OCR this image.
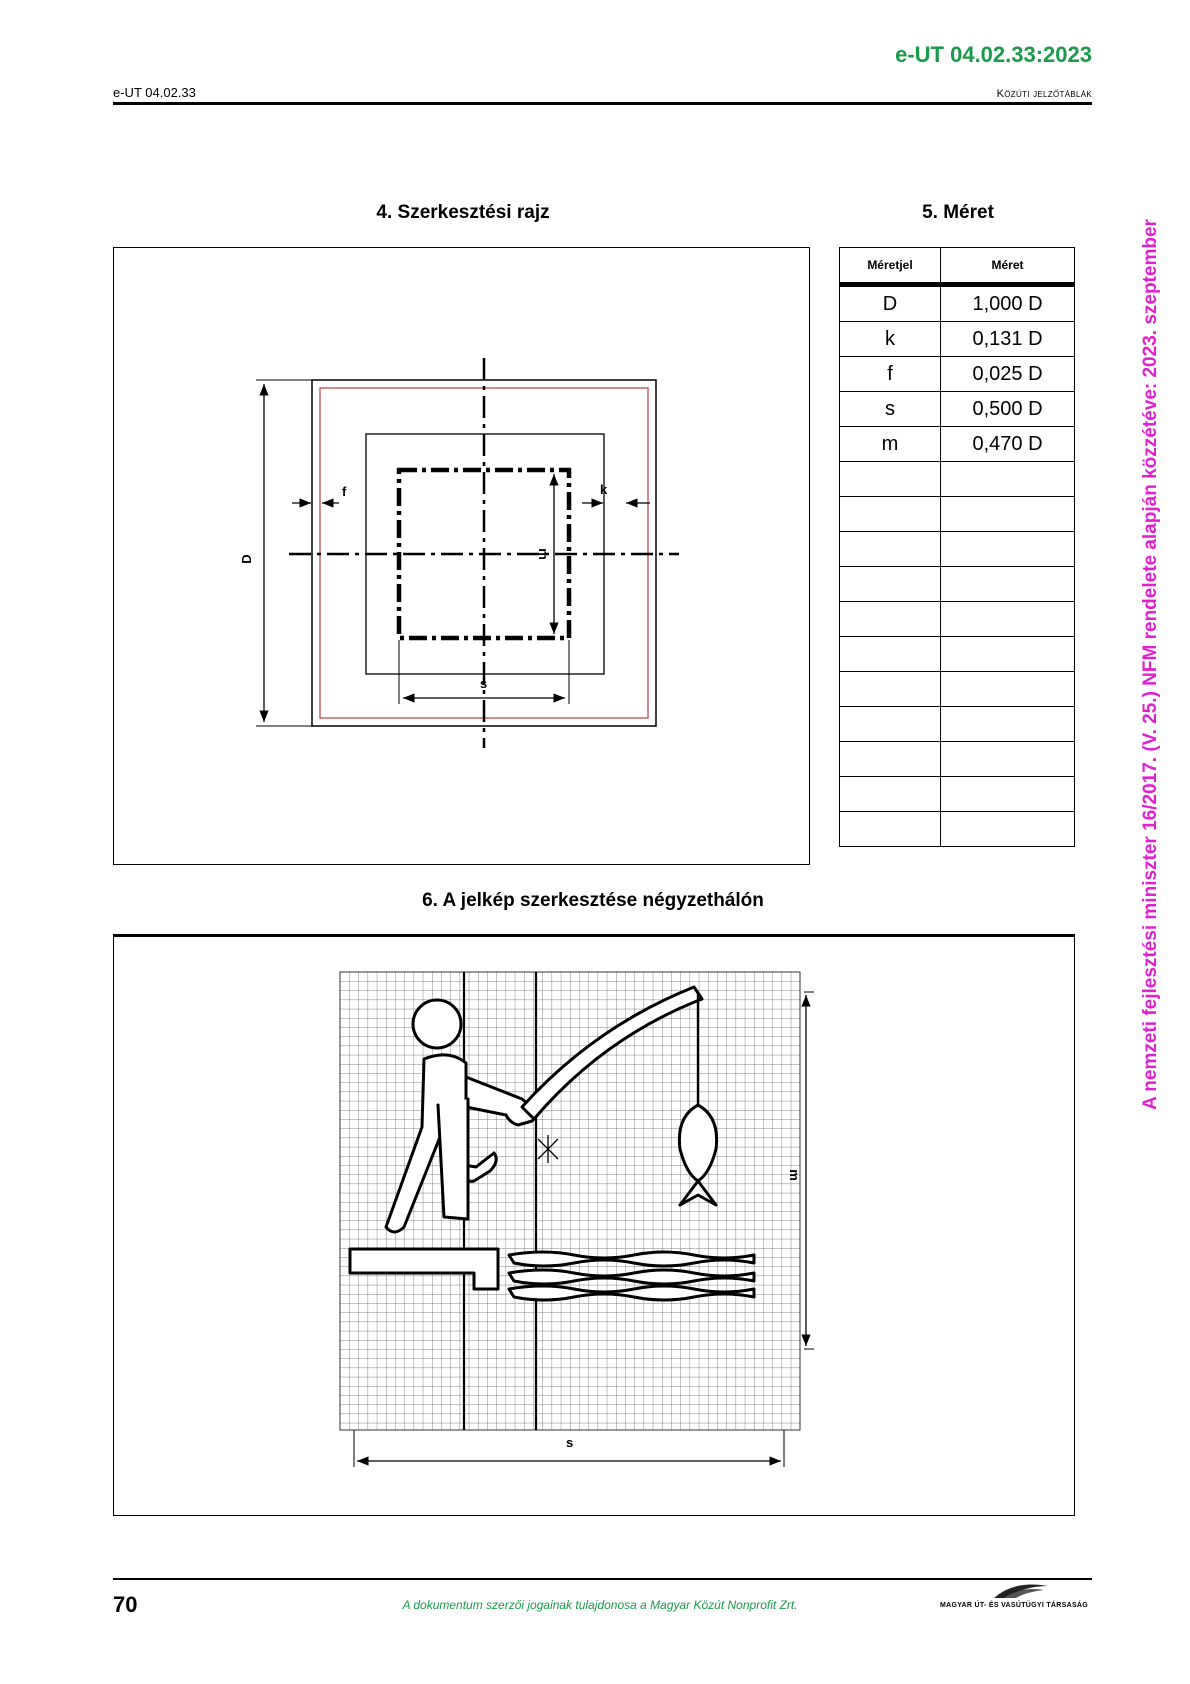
e-UT 04.02.33:2023
e-UT 04.02.33	Közúti jelzőtáblák
4. Szerkesztési rajz	5. Méret
D
f	k
m
s
Méretjel	Méret
D	1,000 D
k	0,131 D
f	0,025 D
s	0,500 D
m	0,470 D

6. A jelkép szerkesztése négyzethálón
m
s
A nemzeti fejlesztési miniszter 16/2017. (V. 25.) NFM rendelete alapján közzétéve: 2023. szeptember
70	A dokumentum szerzői jogainak tulajdonosa a Magyar Közút Nonprofit Zrt.	MAGYAR ÚT- ÉS VASÚTÜGYI TÁRSASÁG
